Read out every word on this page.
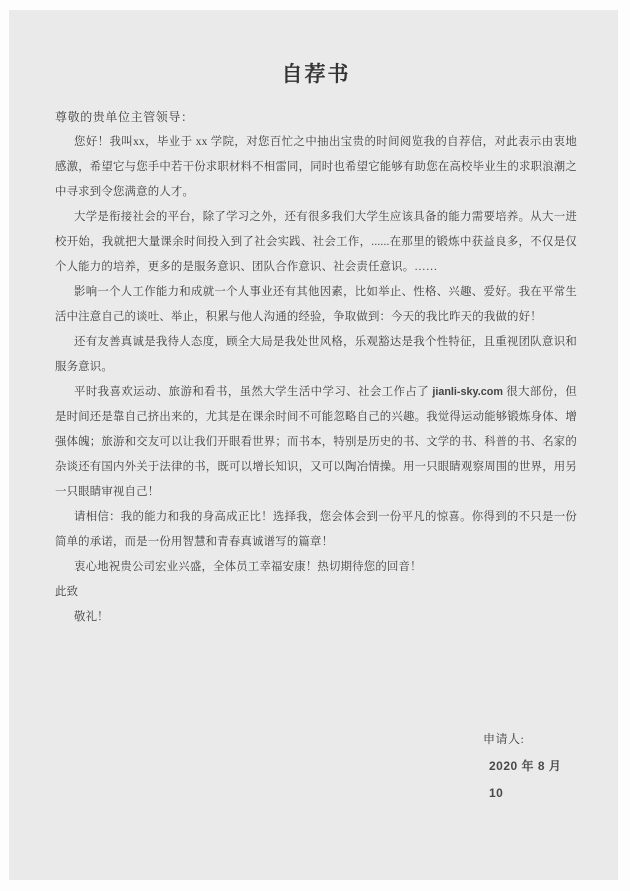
自荐书
尊敬的贵单位主管领导：

您好！我叫xx，毕业于 xx 学院，对您百忙之中抽出宝贵的时间阅览我的自荐信，对此表示由衷地感激，希望它与您手中若干份求职材料不相雷同，同时也希望它能够有助您在高校毕业生的求职浪潮之中寻求到令您满意的人才。

大学是衔接社会的平台，除了学习之外，还有很多我们大学生应该具备的能力需要培养。从大一进校开始，我就把大量课余时间投入到了社会实践、社会工作，......在那里的锻炼中获益良多，不仅是仅个人能力的培养，更多的是服务意识、团队合作意识、社会责任意识。……

影响一个人工作能力和成就一个人事业还有其他因素，比如举止、性格、兴趣、爱好。我在平常生活中注意自己的谈吐、举止，积累与他人沟通的经验，争取做到：今天的我比昨天的我做的好！

还有友善真诚是我待人态度，顾全大局是我处世风格，乐观豁达是我个性特征，且重视团队意识和服务意识。

平时我喜欢运动、旅游和看书，虽然大学生活中学习、社会工作占了 jianli-sky.com 很大部份，但是时间还是靠自己挤出来的，尤其是在课余时间不可能忽略自己的兴趣。我觉得运动能够锻炼身体、增强体魄；旅游和交友可以让我们开眼看世界；而书本，特别是历史的书、文学的书、科普的书、名家的杂谈还有国内外关于法律的书，既可以增长知识，又可以陶冶情操。用一只眼睛观察周围的世界，用另一只眼睛审视自己！

请相信：我的能力和我的身高成正比！选择我，您会体会到一份平凡的惊喜。你得到的不只是一份简单的承诺，而是一份用智慧和青春真诚谱写的篇章！

衷心地祝贵公司宏业兴盛，全体员工幸福安康！热切期待您的回音！

此致

敬礼！

申请人:
2020 年 8 月 10
